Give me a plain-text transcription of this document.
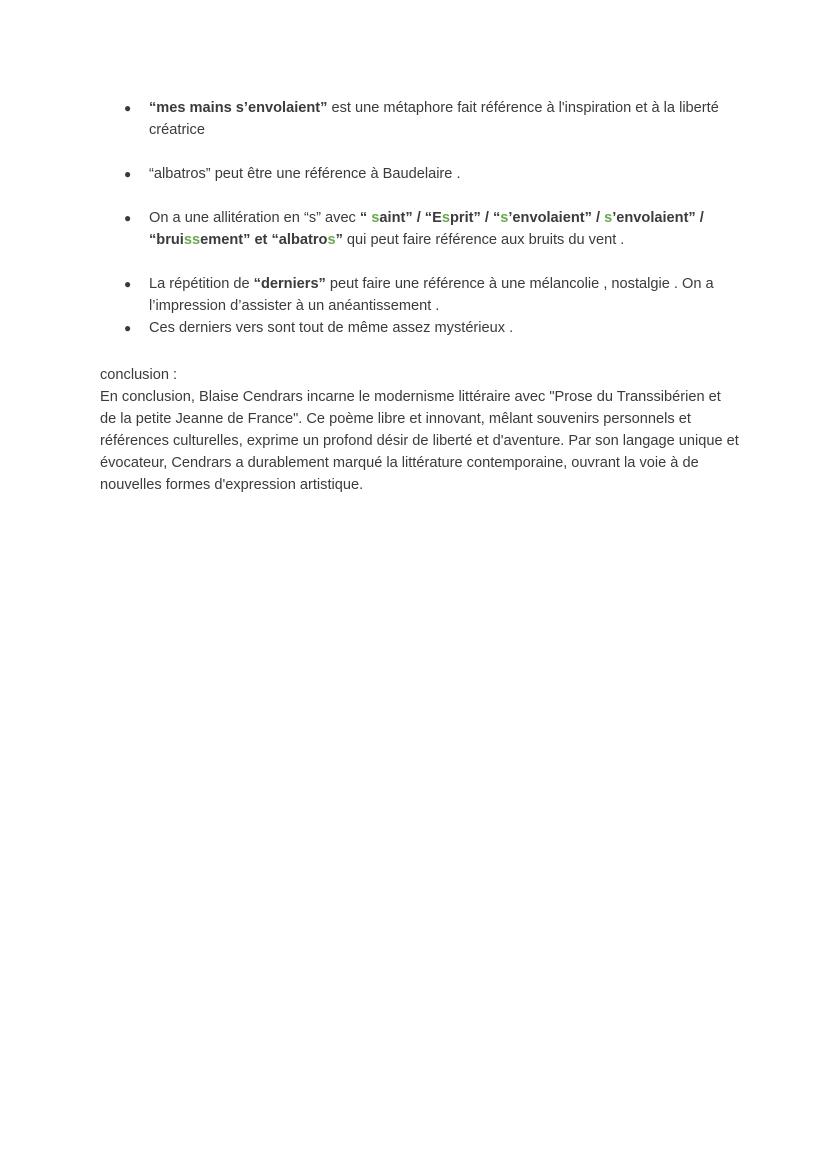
● “mes mains s’envolaient” est une métaphore fait référence à l'inspiration et à la liberté créatrice
● “albatros” peut être une référence à Baudelaire .
● On a une allitération en “s” avec “ saint” / “Esprit” / “s’envolaient” / s’envolaient” / “bruissement” et “albatros” qui peut faire référence aux bruits du vent .
● La répétition de “derniers” peut faire une référence à une mélancolie , nostalgie . On a l’impression d’assister à un anéantissement .
● Ces derniers vers sont tout de même assez mystérieux .

conclusion :

En conclusion, Blaise Cendrars incarne le modernisme littéraire avec "Prose du Transsibérien et de la petite Jeanne de France". Ce poème libre et innovant, mêlant souvenirs personnels et références culturelles, exprime un profond désir de liberté et d'aventure. Par son langage unique et évocateur, Cendrars a durablement marqué la littérature contemporaine, ouvrant la voie à de nouvelles formes d'expression artistique.
